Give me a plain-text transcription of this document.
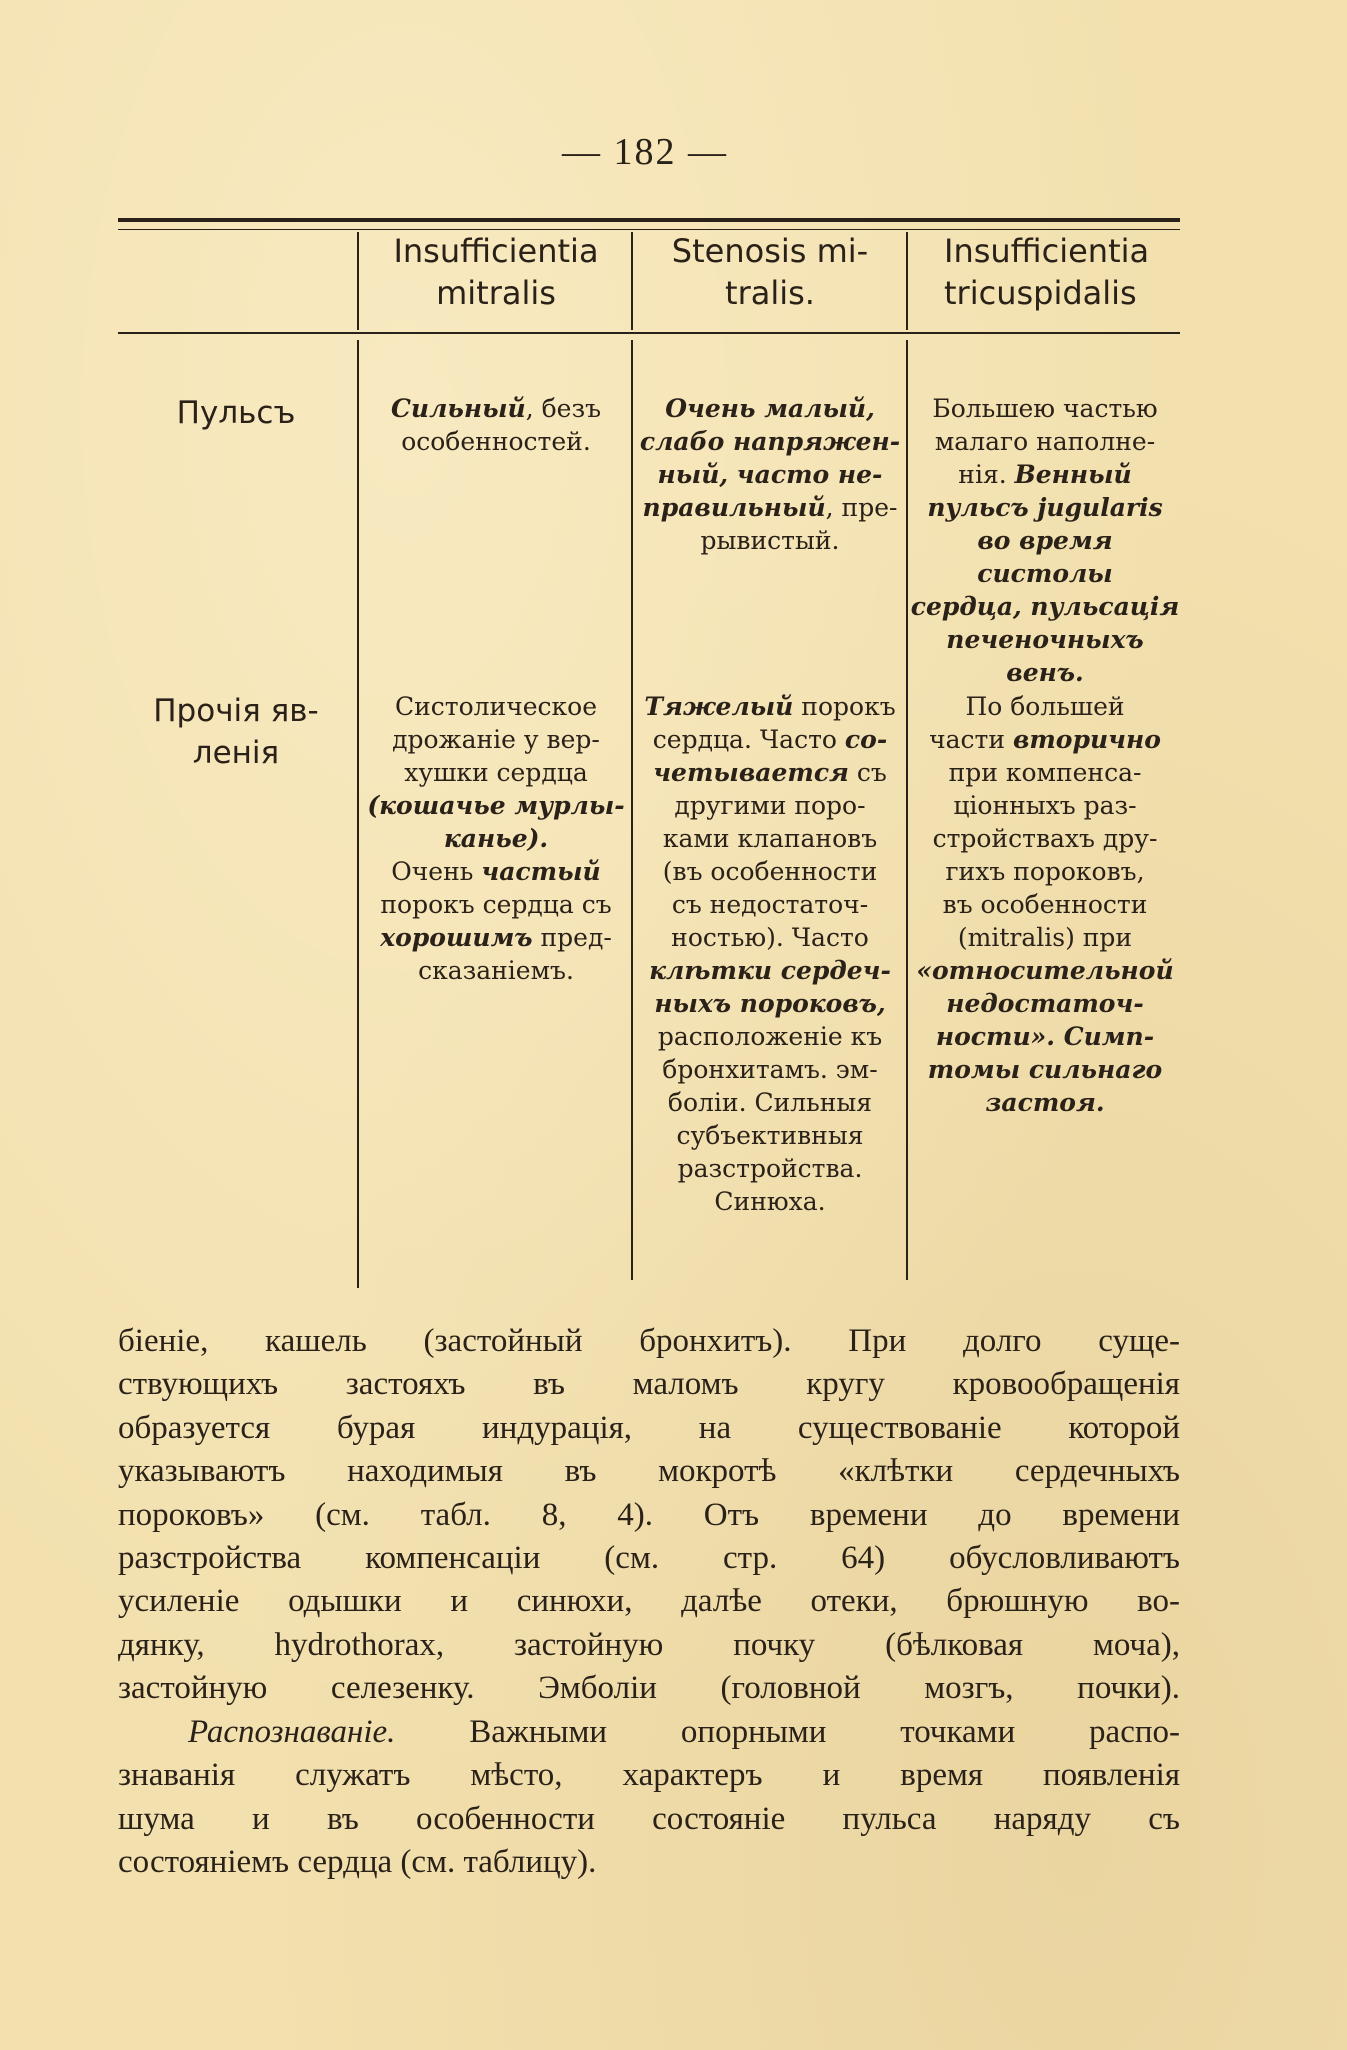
— 182 —
Insufficientia
mitralis
Stenosis mi-
tralis.
Insufficientia
tricuspidalis
Пульсъ	Сильный, безъ
особенностей.
Очень малый,
слабо напряжен-
ный, часто не-
правильный, пре-
рывистый.
Большею частью
малаго наполне-
нія. Венный
пульсъ jugularis
во время систолы
сердца, пульсація
печеночныхъ венъ.
Прочія яв-
ленія
Систолическое
дрожаніе у вер-
хушки сердца
(кошачье мурлы-
канье).
Очень частый
порокъ сердца съ
хорошимъ пред-
сказаніемъ.
Тяжелый порокъ
сердца. Часто со-
четывается съ
другими поро-
ками клапановъ
(въ особенности
съ недостаточ-
ностью). Часто
клѣтки сердеч-
ныхъ пороковъ,
расположеніе къ
бронхитамъ. эм-
боліи. Сильныя
субъективныя
разстройства.
Синюха.
По большей
части вторично
при компенса-
ціонныхъ раз-
стройствахъ дру-
гихъ пороковъ,
въ особенности
(mitralis) при
«относительной
недостаточ-
ности». Симп-
томы сильнаго
застоя.
біеніе, кашель (застойный бронхитъ). При долго суще-
ствующихъ застояхъ въ маломъ кругу кровообращенія
образуется бурая индурація, на существованіе которой
указываютъ находимыя въ мокротѣ «клѣтки сердечныхъ
пороковъ» (см. табл. 8, 4). Отъ времени до времени
разстройства компенсаціи (см. стр. 64) обусловливаютъ
усиленіе одышки и синюхи, далѣе отеки, брюшную во-
дянку, hydrothorax, застойную почку (бѣлковая моча),
застойную селезенку. Эмболіи (головной мозгъ, почки).
Распознаваніе. Важными опорными точками распо-
знаванія служатъ мѣсто, характеръ и время появленія
шума и въ особенности состояніе пульса наряду съ
состояніемъ сердца (см. таблицу).
